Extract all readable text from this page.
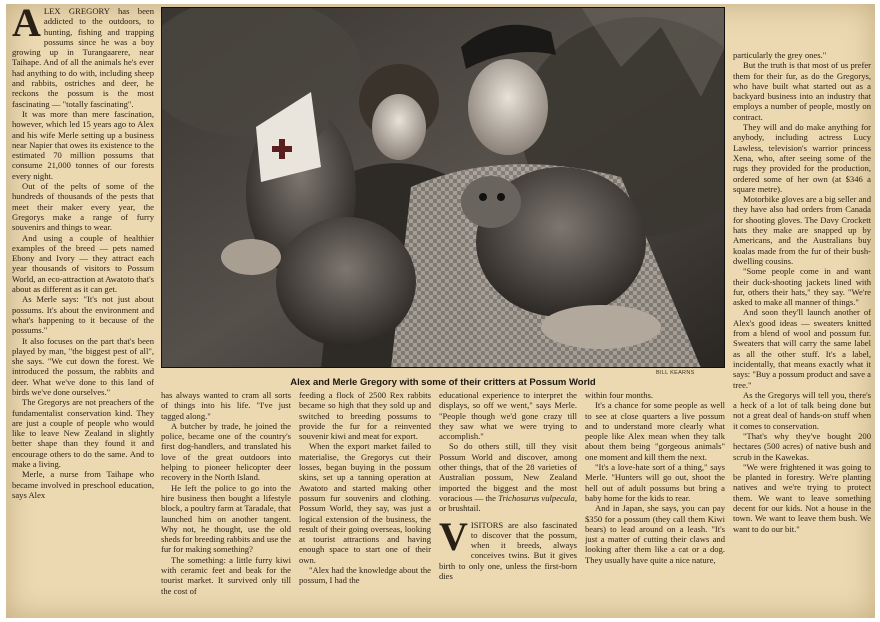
ALEX GREGORY has been addicted to the outdoors, to hunting, fishing and trapping possums since he was a boy growing up in Turangaarere, near Taihape. And of all the animals he's ever had anything to do with, including sheep and rabbits, ostriches and deer, he reckons the possum is the most fascinating — "totally fascinating".

It was more than mere fascination, however, which led 15 years ago to Alex and his wife Merle setting up a business near Napier that owes its existence to the estimated 70 million possums that consume 21,000 tonnes of our forests every night.

Out of the pelts of some of the hundreds of thousands of the pests that meet their maker every year, the Gregorys make a range of furry souvenirs and things to wear.

And using a couple of healthier examples of the breed — pets named Ebony and Ivory — they attract each year thousands of visitors to Possum World, an eco-attraction at Awatoto that's about as different as it can get.

As Merle says: "It's not just about possums. It's about the environment and what's happening to it because of the possums."

It also focuses on the part that's been played by man, "the biggest pest of all", she says. "We cut down the forest. We introduced the possum, the rabbits and deer. What we've done to this land of birds we've done ourselves."

The Gregorys are not preachers of the fundamentalist conservation kind. They are just a couple of people who would like to leave New Zealand in slightly better shape than they found it and encourage others to do the same. And to make a living.

Merle, a nurse from Taihape who became involved in preschool education, says Alex

BILL KEARNS
Alex and Merle Gregory with some of their critters at Possum World

has always wanted to cram all sorts of things into his life. "I've just tagged along."

A butcher by trade, he joined the police, became one of the country's first dog-handlers, and translated his love of the great outdoors into helping to pioneer helicopter deer recovery in the North Island.

He left the police to go into the hire business then bought a lifestyle block, a poultry farm at Taradale, that launched him on another tangent. Why not, he thought, use the old sheds for breeding rabbits and use the fur for making something?

The something: a little furry kiwi with ceramic feet and beak for the tourist market. It survived only till the cost of

feeding a flock of 2500 Rex rabbits became so high that they sold up and switched to breeding possums to provide the fur for a reinvented souvenir kiwi and meat for export.

When the export market failed to materialise, the Gregorys cut their losses, began buying in the possum skins, set up a tanning operation at Awatoto and started making other possum fur souvenirs and clothing. Possum World, they say, was just a logical extension of the business, the result of their going overseas, looking at tourist attractions and having enough space to start one of their own.

"Alex had the knowledge about the possum, I had the

educational experience to interpret the displays, so off we went," says Merle. "People though we'd gone crazy till they saw what we were trying to accomplish."

So do others still, till they visit Possum World and discover, among other things, that of the 28 varieties of Australian possum, New Zealand imported the biggest and the most voracious — the Trichosurus vulpecula, or brushtail.

VISITORS are also fascinated to discover that the possum, when it breeds, always conceives twins. But it gives birth to only one, unless the first-born dies

within four months.

It's a chance for some people as well to see at close quarters a live possum and to understand more clearly what people like Alex mean when they talk about them being "gorgeous animals" one moment and kill them the next.

"It's a love-hate sort of a thing," says Merle. "Hunters will go out, shoot the hell out of adult possums but bring a baby home for the kids to rear.

And in Japan, she says, you can pay $350 for a possum (they call them Kiwi bears) to lead around on a leash. "It's just a matter of cutting their claws and looking after them like a cat or a dog. They usually have quite a nice nature,

particularly the grey ones."

But the truth is that most of us prefer them for their fur, as do the Gregorys, who have built what started out as a backyard business into an industry that employs a number of people, mostly on contract.

They will and do make anything for anybody, including actress Lucy Lawless, television's warrior princess Xena, who, after seeing some of the rugs they provided for the production, ordered some of her own (at $346 a square metre).

Motorbike gloves are a big seller and they have also had orders from Canada for shooting gloves. The Davy Crockett hats they make are snapped up by Americans, and the Australians buy koalas made from the fur of their bush-dwelling cousins.

"Some people come in and want their duck-shooting jackets lined with fur, others their hats," they say. "We're asked to make all manner of things."

And soon they'll launch another of Alex's good ideas — sweaters knitted from a blend of wool and possum fur. Sweaters that will carry the same label as all the other stuff. It's a label, incidentally, that means exactly what it says: "Buy a possum product and save a tree."

As the Gregorys will tell you, there's a heck of a lot of talk being done but not a great deal of hands-on stuff when it comes to conservation.

"That's why they've bought 200 hectares (500 acres) of native bush and scrub in the Kawekas.

"We were frightened it was going to be planted in forestry. We're planting natives and we're trying to protect them. We want to leave something decent for our kids. Not a house in the town. We want to leave them bush. We want to do our bit."
